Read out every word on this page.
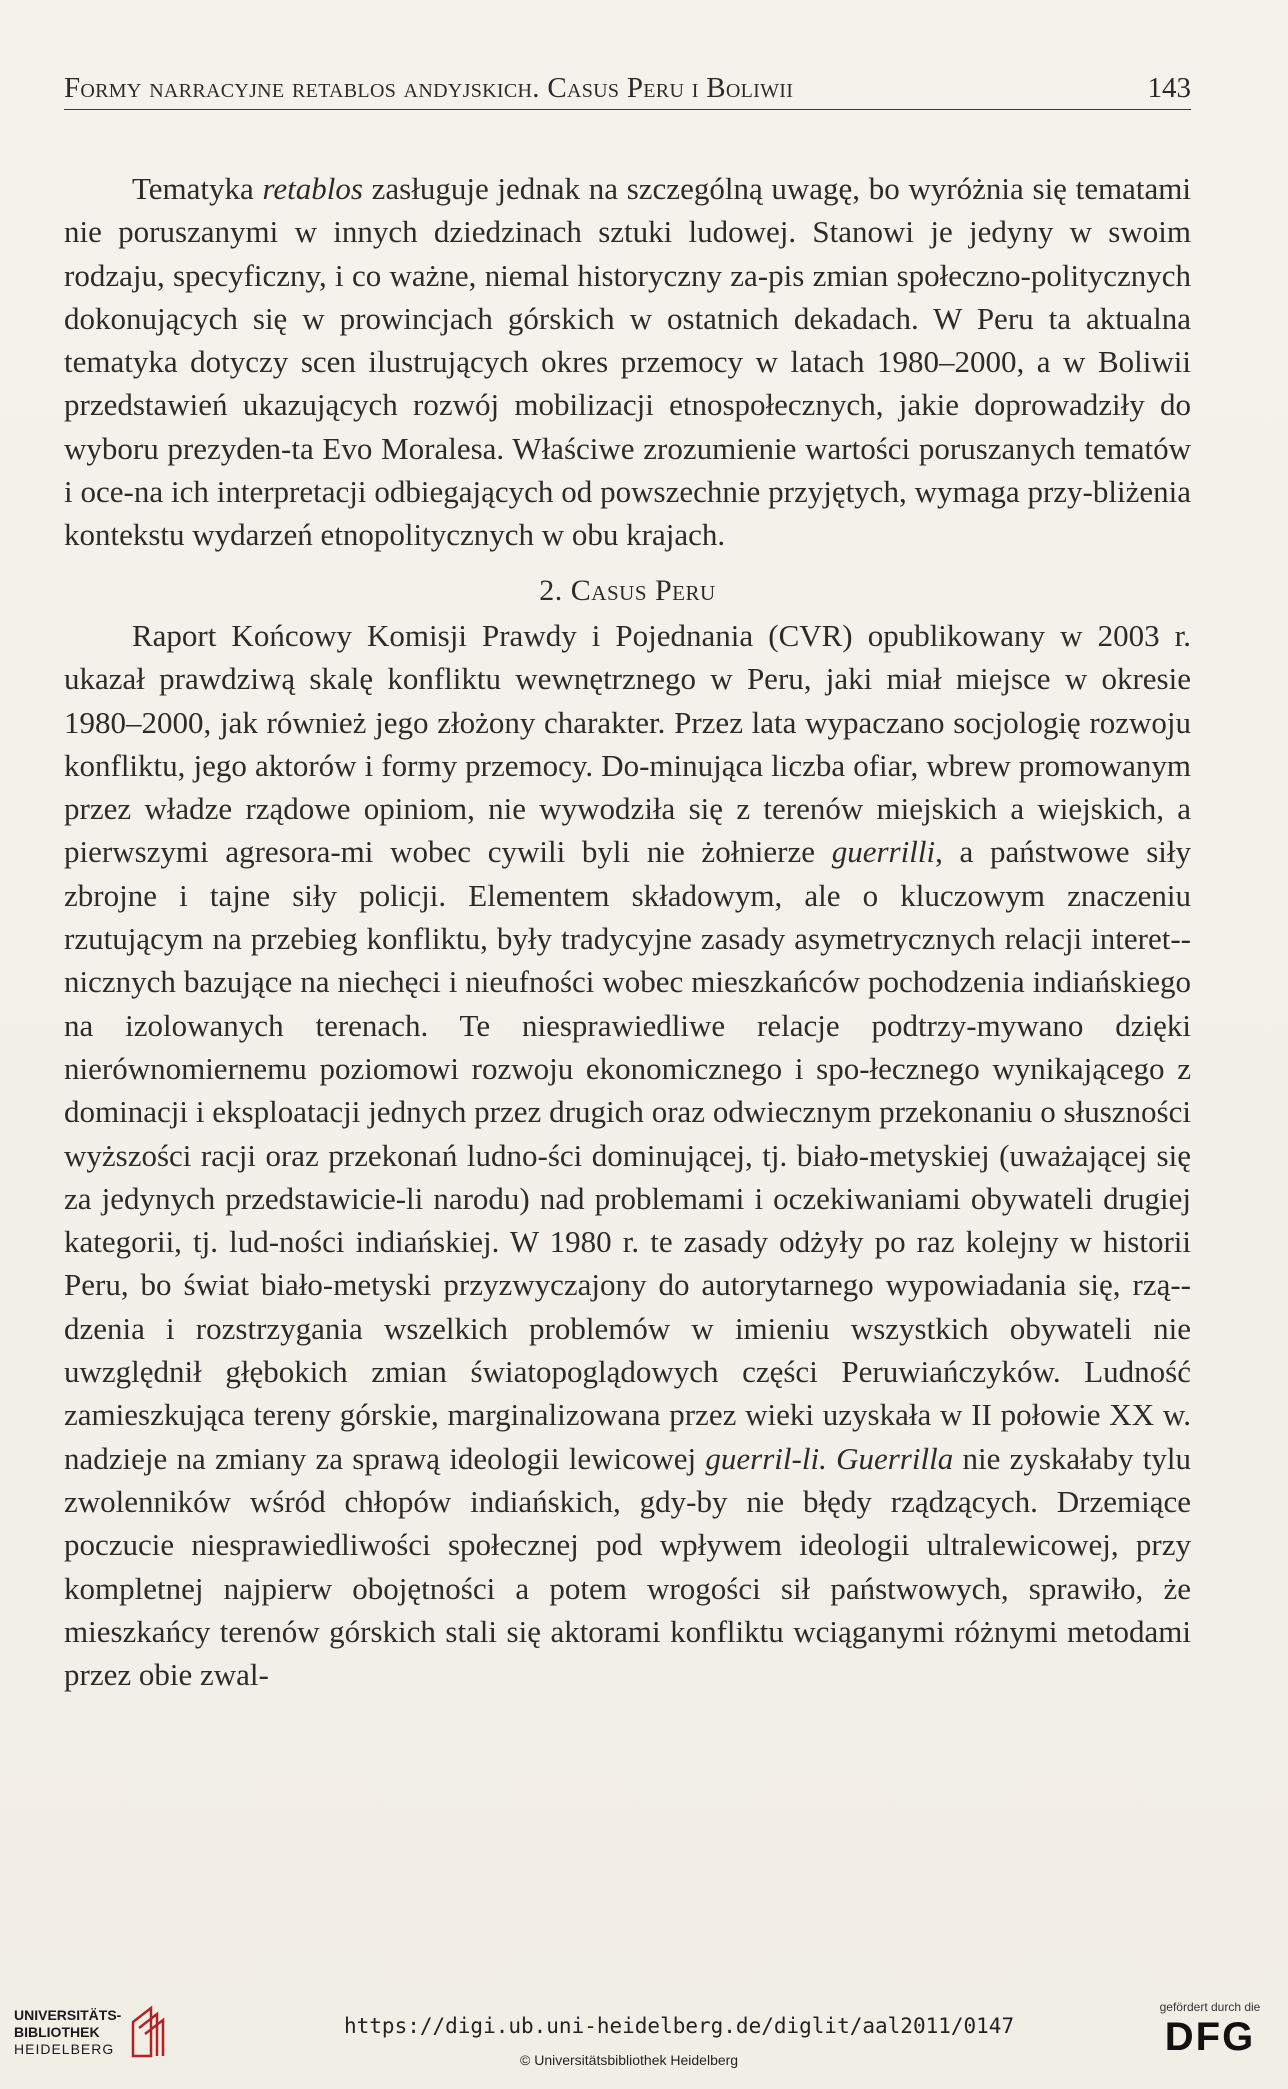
Formy narracyjne retablos andyjskich. Casus Peru i Boliwii	143

Tematyka retablos zasługuje jednak na szczególną uwagę, bo wyróżnia się tematami nie poruszanymi w innych dziedzinach sztuki ludowej. Stanowi je jedyny w swoim rodzaju, specyficzny, i co ważne, niemal historyczny za-pis zmian społeczno-politycznych dokonujących się w prowincjach górskich w ostatnich dekadach. W Peru ta aktualna tematyka dotyczy scen ilustrujących okres przemocy w latach 1980–2000, a w Boliwii przedstawień ukazujących rozwój mobilizacji etnospołecznych, jakie doprowadziły do wyboru prezyden-ta Evo Moralesa. Właściwe zrozumienie wartości poruszanych tematów i oce-na ich interpretacji odbiegających od powszechnie przyjętych, wymaga przy-bliżenia kontekstu wydarzeń etnopolitycznych w obu krajach.

2. Casus Peru

Raport Końcowy Komisji Prawdy i Pojednania (CVR) opublikowany w 2003 r. ukazał prawdziwą skalę konfliktu wewnętrznego w Peru, jaki miał miejsce w okresie 1980–2000, jak również jego złożony charakter. Przez lata wypaczano socjologię rozwoju konfliktu, jego aktorów i formy przemocy. Do-minująca liczba ofiar, wbrew promowanym przez władze rządowe opiniom, nie wywodziła się z terenów miejskich a wiejskich, a pierwszymi agresora-mi wobec cywili byli nie żołnierze guerrilli, a państwowe siły zbrojne i tajne siły policji. Elementem składowym, ale o kluczowym znaczeniu rzutującym na przebieg konfliktu, były tradycyjne zasady asymetrycznych relacji interet-nicznych bazujące na niechęci i nieufności wobec mieszkańców pochodzenia indiańskiego na izolowanych terenach. Te niesprawiedliwe relacje podtrzy-mywano dzięki nierównomiernemu poziomowi rozwoju ekonomicznego i spo-łecznego wynikającego z dominacji i eksploatacji jednych przez drugich oraz odwiecznym przekonaniu o słuszności wyższości racji oraz przekonań ludno-ści dominującej, tj. biało-metyskiej (uważającej się za jedynych przedstawicie-li narodu) nad problemami i oczekiwaniami obywateli drugiej kategorii, tj. lud-ności indiańskiej. W 1980 r. te zasady odżyły po raz kolejny w historii Peru, bo świat biało-metyski przyzwyczajony do autorytarnego wypowiadania się, rzą-dzenia i rozstrzygania wszelkich problemów w imieniu wszystkich obywateli nie uwzględnił głębokich zmian światopoglądowych części Peruwiańczyków. Ludność zamieszkująca tereny górskie, marginalizowana przez wieki uzyskała w II połowie XX w. nadzieje na zmiany za sprawą ideologii lewicowej guerril-li. Guerrilla nie zyskałaby tylu zwolenników wśród chłopów indiańskich, gdy-by nie błędy rządzących. Drzemiące poczucie niesprawiedliwości społecznej pod wpływem ideologii ultralewicowej, przy kompletnej najpierw obojętności a potem wrogości sił państwowych, sprawiło, że mieszkańcy terenów górskich stali się aktorami konfliktu wciąganymi różnymi metodami przez obie zwal-

UNIVERSITÄTS-
BIBLIOTHEK
HEIDELBERG
https://digi.ub.uni-heidelberg.de/diglit/aal2011/0147
© Universitätsbibliothek Heidelberg
gefördert durch die
DFG
